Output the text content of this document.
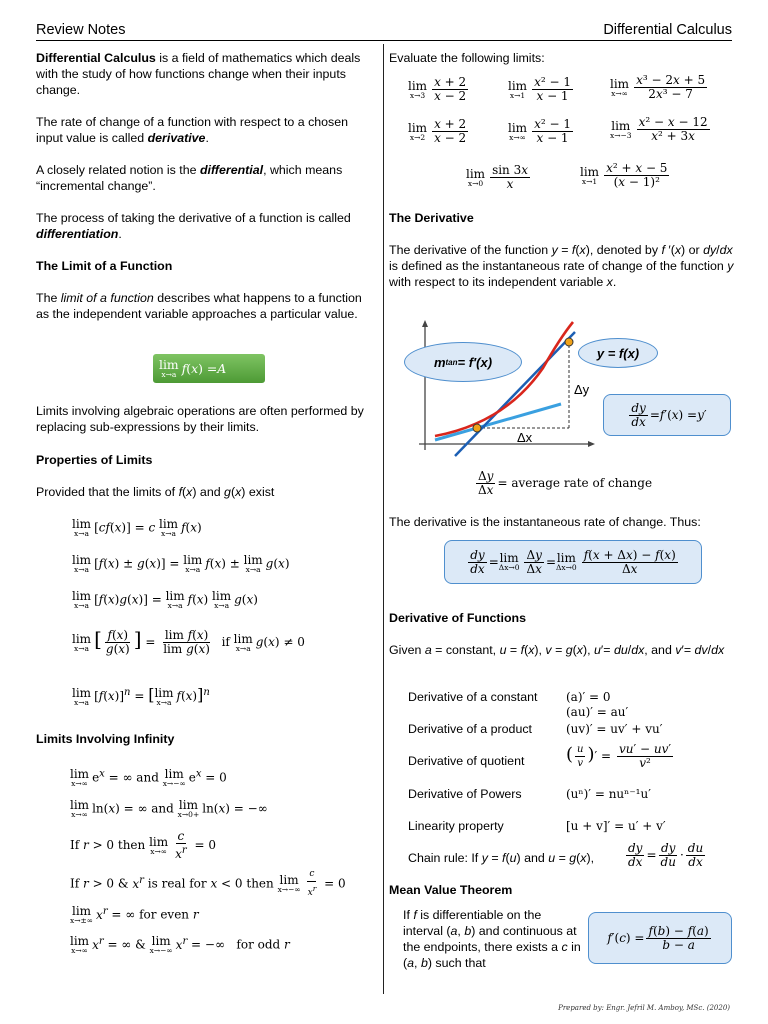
Review Notes	Differential Calculus
Differential Calculus is a field of mathematics which deals with the study of how functions change when their inputs change.
The rate of change of a function with respect to a chosen input value is called derivative.
A closely related notion is the differential, which means “incremental change”.
The process of taking the derivative of a function is called differentiation.
The Limit of a Function
The limit of a function describes what happens to a function as the independent variable approaches a particular value.
lim
x→a f ( x ) = A
Limits involving algebraic operations are often performed by replacing sub-expressions by their limits.
Properties of Limits
Provided that the limits of f(x) and g(x) exist
lim
x→a [cf(x)] = c lim
x→a f(x)
lim
x→a [f(x) ± g(x)] = lim
x→a f(x) ± lim
x→a g(x)
lim
x→a [f(x)g(x)] = lim
x→a f(x) lim
x→a g(x)
lim
x→a [ $\frac{f(x)}{g(x)}$ ] = $\frac{\text{lim f(x)}}{\text{lim g(x)}}$ if lim
x→a g(x) ≠ 0
lim
x→a $[f(x)]^n$ = [ lim
x→a f(x)]$^n$
Limits Involving Infinity
lim
x→∞ $e^x$ = ∞ and lim
x→−∞ $e^x = 0$
lim
x→∞ ln(x) = ∞ and lim
x→0+ ln(x) = −∞
If r > 0 then lim
$x\to\infty \frac{c}{x^r} = 0$
If r > 0 & $x^r$ is real for x < 0 then lim
$x\to-\infty \frac{c}{x^r} = 0$
lim
x→±∞ $x^r$ = ∞ for even r
lim
x→∞ $x^r$ = ∞ & lim
x→−∞ $x^r$ = −∞   for odd r
Evaluate the following limits:
lim
$x\to 3 \frac{x + 2}{x - 2}$	lim
$x\to 1 \frac{\text{x² − 1}}{x - 1}$	lim
$x\to\infty \frac{\text{x³ − 2x + 5}}{\text{2x³ − 7}}$
lim
$x\to 2 \frac{x + 2}{x - 2}$	lim
$x\to\infty \frac{\text{x² − 1}}{x - 1}$	lim
$x\to-3 \frac{\text{x² − x − 12}}{\text{x² + 3x}}$
lim
$x\to 0 \frac{\sin 3x}{x}$	lim
$x\to 1 \frac{\text{x² + x − 5}}{\text{(x − 1)²}}$
The Derivative
The derivative of the function y = f(x), denoted by f ′(x) or dy/dx is defined as the instantaneous rate of change of the function y with respect to its independent variable x.
m tan = f′(x)
y = f(x)
Δy
Δx
$\frac{dy}{dx} = f$ ′( x ) = y ′
$\frac{\Delta y}{\Delta x}$ = average rate of change
The derivative is the instantaneous rate of change. Thus:
$\frac{dy}{dx} = \lim$
$\Delta x\to 0 \frac{\Delta y}{\Delta x} = \lim$
$\Delta x\to 0 \frac{f(x + \Delta x) - f(x)}{\Delta x}$
Derivative of Functions
Given a = constant, u = f(x), v = g(x), u′= du/dx, and v′= dv/dx
Derivative of a constant (a)′ = 0
(au)′ = au′
Derivative of a product	(uv)′ = uv′ + vu′
Derivative of quotient ( $\frac{u}{v}$ )′ = $\frac{vu' - uv'}{\text{v²}}$
Derivative of Powers	(uⁿ)′ = nuⁿ⁻¹u′
Linearity property	[u + v]′ = u′ + v′
Chain rule: If y = f(u) and u = g(x),	$\frac{dy}{dx} = \frac{dy}{du} \cdot \frac{du}{dx}$
Mean Value Theorem
If f is differentiable on the interval (a, b) and continuous at the endpoints, there exists a c in (a, b) such that
f ′( c ) = $\frac{f(b) - f(a)}{b - a}$
Prepared by: Engr. Jefril M. Amboy, MSc. (2020)
